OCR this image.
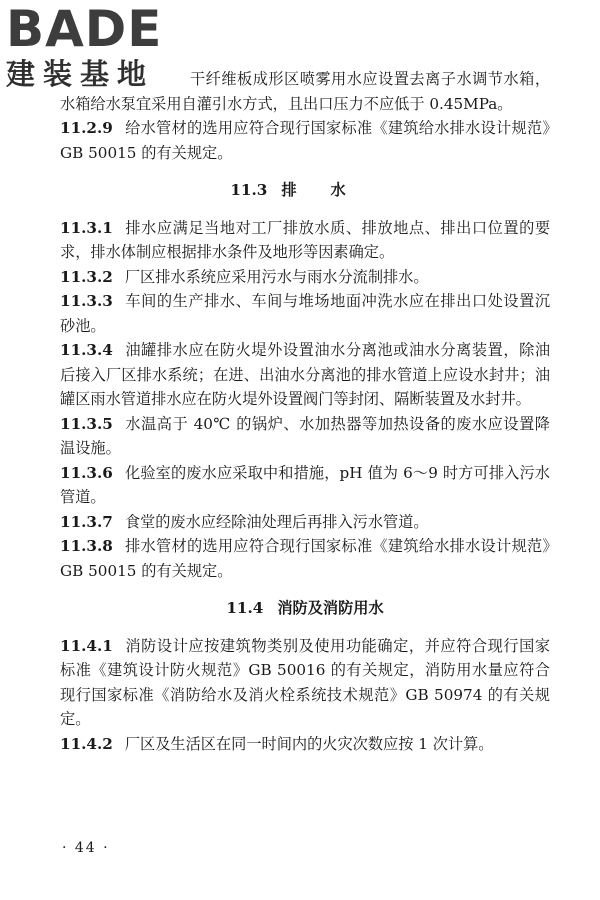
BADE
建装基地	干纤维板成形区喷雾用水应设置去离子水调节水箱，水箱给水泵宜采用自灌引水方式，且出口压力不应低于 0.45MPa。

11.2.9 给水管材的选用应符合现行国家标准《建筑给水排水设计规范》GB 50015 的有关规定。

11.3 排水

11.3.1 排水应满足当地对工厂排放水质、排放地点、排出口位置的要求，排水体制应根据排水条件及地形等因素确定。

11.3.2 厂区排水系统应采用污水与雨水分流制排水。

11.3.3 车间的生产排水、车间与堆场地面冲洗水应在排出口处设置沉砂池。

11.3.4 油罐排水应在防火堤外设置油水分离池或油水分离装置，除油后接入厂区排水系统；在进、出油水分离池的排水管道上应设水封井；油罐区雨水管道排水应在防火堤外设置阀门等封闭、隔断装置及水封井。

11.3.5 水温高于 40℃ 的锅炉、水加热器等加热设备的废水应设置降温设施。

11.3.6 化验室的废水应采取中和措施，pH 值为 6～9 时方可排入污水管道。

11.3.7 食堂的废水应经除油处理后再排入污水管道。

11.3.8 排水管材的选用应符合现行国家标准《建筑给水排水设计规范》GB 50015 的有关规定。

11.4 消防及消防用水

11.4.1 消防设计应按建筑物类别及使用功能确定，并应符合现行国家标准《建筑设计防火规范》GB 50016 的有关规定，消防用水量应符合现行国家标准《消防给水及消火栓系统技术规范》GB 50974 的有关规定。

11.4.2 厂区及生活区在同一时间内的火灾次数应按 1 次计算。

· 44 ·
